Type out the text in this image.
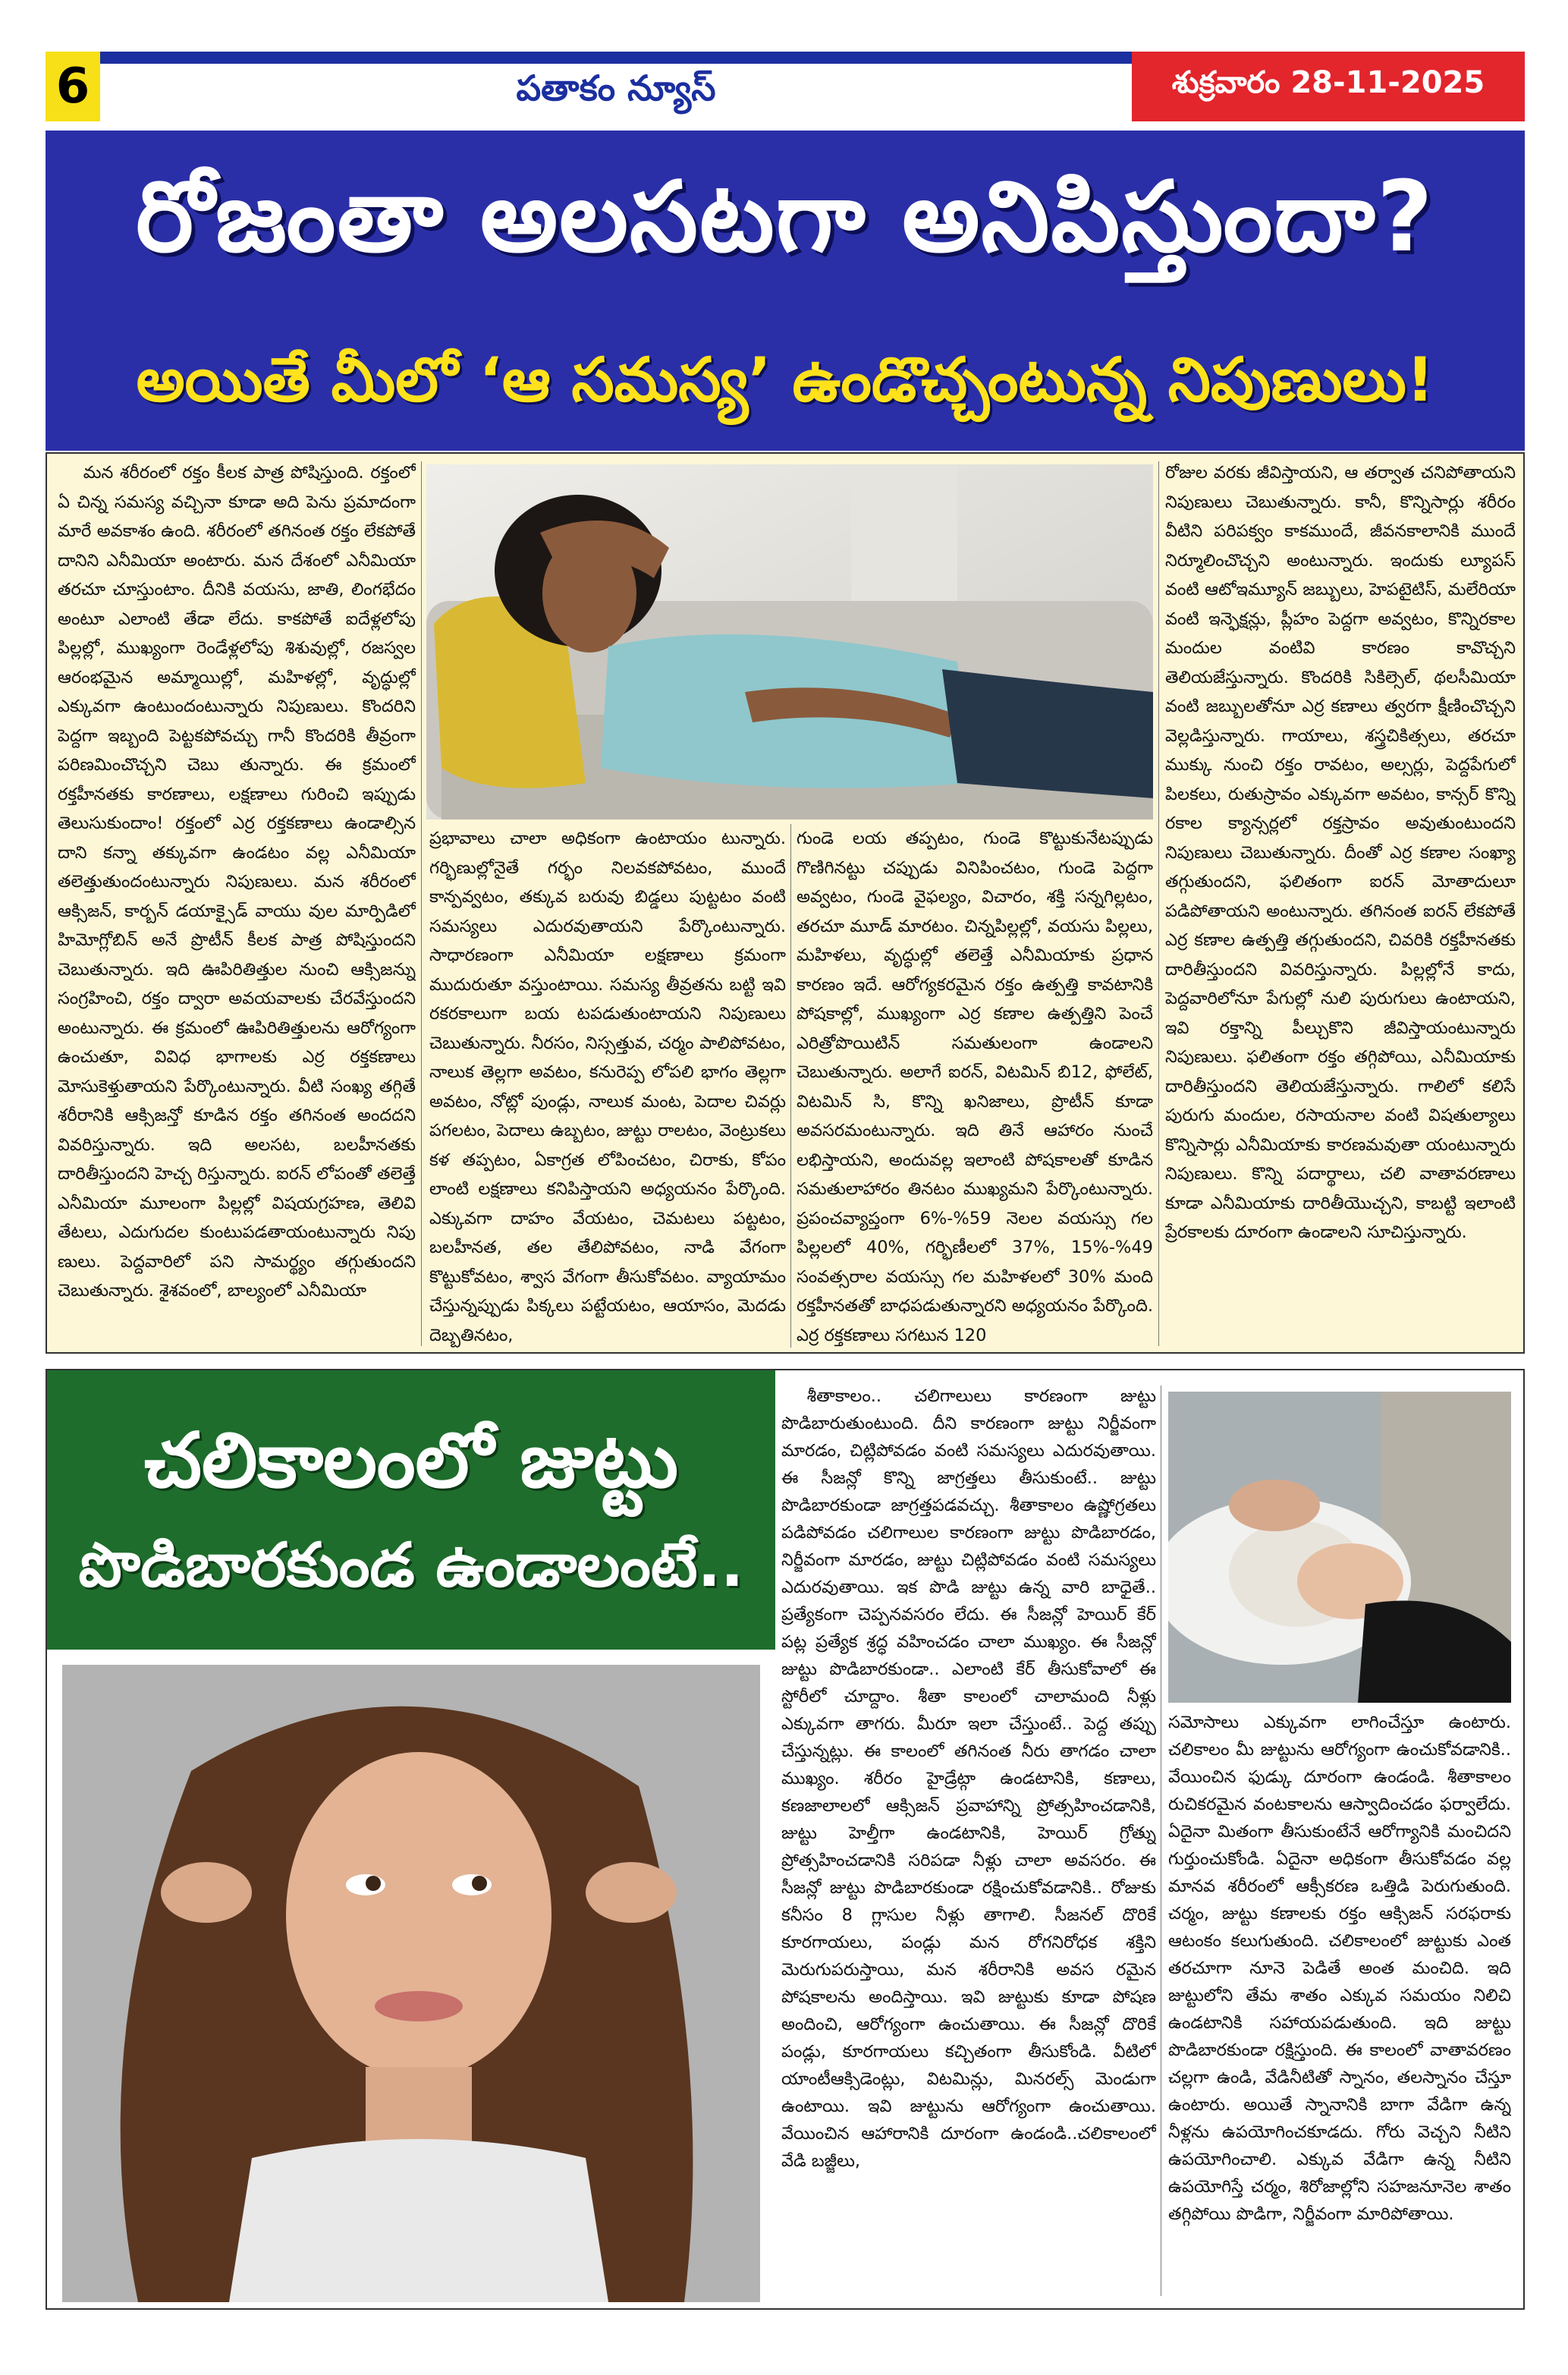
6	పతాకం న్యూస్	శుక్రవారం 28-11-2025
రోజంతా అలసటగా అనిపిస్తుందా?
అయితే మీలో ‘ఆ సమస్య’ ఉండొచ్చంటున్న నిపుణులు!

మన శరీరంలో రక్తం కీలక పాత్ర పోషిస్తుంది. రక్తంలో ఏ చిన్న సమస్య వచ్చినా కూడా అది పెను ప్రమాదంగా మారే అవకాశం ఉంది. శరీరంలో తగినంత రక్తం లేకపోతే దానిని ఎనీమియా అంటారు. మన దేశంలో ఎనీమియా తరచూ చూస్తుంటాం. దీనికి వయసు, జాతి, లింగభేదం అంటూ ఎలాంటి తేడా లేదు. కాకపోతే ఐదేళ్లలోపు పిల్లల్లో, ముఖ్యంగా రెండేళ్లలోపు శిశువుల్లో, రజస్వల ఆరంభమైన అమ్మాయిల్లో, మహిళల్లో, వృద్ధుల్లో ఎక్కువగా ఉంటుందంటున్నారు నిపుణులు. కొందరిని పెద్దగా ఇబ్బంది పెట్టకపోవచ్చు గానీ కొందరికి తీవ్రంగా పరిణమించొచ్చని చెబు తున్నారు. ఈ క్రమంలో రక్తహీనతకు కారణాలు, లక్షణాలు గురించి ఇప్పుడు తెలుసుకుందాం! రక్తంలో ఎర్ర రక్తకణాలు ఉండాల్సిన దాని కన్నా తక్కువగా ఉండటం వల్ల ఎనీమియా తలెత్తుతుందంటున్నారు నిపుణులు. మన శరీరంలో ఆక్సిజన్, కార్బన్ డయాక్సైడ్ వాయు వుల మార్పిడిలో హిమోగ్లోబిన్ అనే ప్రొటీన్ కీలక పాత్ర పోషిస్తుందని చెబుతున్నారు. ఇది ఊపిరితిత్తుల నుంచి ఆక్సిజన్ను సంగ్రహించి, రక్తం ద్వారా అవయవాలకు చేరవేస్తుందని అంటున్నారు. ఈ క్రమంలో ఊపిరితిత్తులను ఆరోగ్యంగా ఉంచుతూ, వివిధ భాగాలకు ఎర్ర రక్తకణాలు మోసుకెళ్తుతాయని పేర్కొంటున్నారు. వీటి సంఖ్య తగ్గితే శరీరానికి ఆక్సిజన్తో కూడిన రక్తం తగినంత అందదని వివరిస్తున్నారు. ఇది అలసట, బలహీనతకు దారితీస్తుందని హెచ్చ రిస్తున్నారు. ఐరన్ లోపంతో తలెత్తే ఎనీమియా మూలంగా పిల్లల్లో విషయగ్రహణ, తెలివి తేటలు, ఎదుగుదల కుంటుపడతాయంటున్నారు నిపు ణులు. పెద్దవారిలో పని సామర్థ్యం తగ్గుతుందని చెబుతున్నారు. శైశవంలో, బాల్యంలో ఎనీమియా

ప్రభావాలు చాలా అధికంగా ఉంటాయం టున్నారు. గర్భిణుల్లోనైతే గర్భం నిలవకపోవటం, ముందే కాన్పవ్వటం, తక్కువ బరువు బిడ్డలు పుట్టటం వంటి సమస్యలు ఎదురవుతాయని పేర్కొంటున్నారు. సాధారణంగా ఎనీమియా లక్షణాలు క్రమంగా ముదురుతూ వస్తుంటాయి. సమస్య తీవ్రతను బట్టి ఇవి రకరకాలుగా బయ టపడుతుంటాయని నిపుణులు చెబుతున్నారు. నీరసం, నిస్సత్తువ, చర్మం పాలిపోవటం, నాలుక తెల్లగా అవటం, కనురెప్ప లోపలి భాగం తెల్లగా అవటం, నోట్లో పుండ్లు, నాలుక మంట, పెదాల చివర్లు పగలటం, పెదాలు ఉబ్బటం, జుట్టు రాలటం, వెంట్రుకలు కళ తప్పటం, ఏకాగ్రత లోపించటం, చిరాకు, కోపం లాంటి లక్షణాలు కనిపిస్తాయని అధ్యయనం పేర్కొంది. ఎక్కువగా దాహం వేయటం, చెమటలు పట్టటం, బలహీనత, తల తేలిపోవటం, నాడి వేగంగా కొట్టుకోవటం, శ్వాస వేగంగా తీసుకోవటం. వ్యాయామం చేస్తున్నప్పుడు పిక్కలు పట్టేయటం, ఆయాసం, మెదడు దెబ్బతినటం,

గుండె లయ తప్పటం, గుండె కొట్టుకునేటప్పుడు గొణిగినట్టు చప్పుడు వినిపించటం, గుండె పెద్దగా అవ్వటం, గుండె వైఫల్యం, విచారం, శక్తి సన్నగిల్లటం, తరచూ మూడ్ మారటం. చిన్నపిల్లల్లో, వయసు పిల్లలు, మహిళలు, వృద్ధుల్లో తలెత్తే ఎనీమియాకు ప్రధాన కారణం ఇదే. ఆరోగ్యకరమైన రక్తం ఉత్పత్తి కావటానికి పోషకాల్లో, ముఖ్యంగా ఎర్ర కణాల ఉత్పత్తిని పెంచే ఎరిత్రోపొయిటిన్ సమతులంగా ఉండాలని చెబుతున్నారు. అలాగే ఐరన్, విటమిన్ బి12, ఫోలేట్, విటమిన్ సి, కొన్ని ఖనిజాలు, ప్రొటీన్ కూడా అవసరమంటున్నారు. ఇది తినే ఆహారం నుంచే లభిస్తాయని, అందువల్ల ఇలాంటి పోషకాలతో కూడిన సమతులాహారం తినటం ముఖ్యమని పేర్కొంటున్నారు. ప్రపంచవ్యాప్తంగా 6%-%59 నెలల వయస్సు గల పిల్లలలో 40%, గర్భిణీలలో 37%, 15%-%49 సంవత్సరాల వయస్సు గల మహిళలలో 30% మంది రక్తహీనతతో బాధపడుతున్నారని అధ్యయనం పేర్కొంది. ఎర్ర రక్తకణాలు సగటున 120

రోజుల వరకు జీవిస్తాయని, ఆ తర్వాత చనిపోతాయని నిపుణులు చెబుతున్నారు. కానీ, కొన్నిసార్లు శరీరం వీటిని పరిపక్వం కాకముందే, జీవనకాలానికి ముందే నిర్మూలించొచ్చని అంటున్నారు. ఇందుకు ల్యూపస్ వంటి ఆటోఇమ్యూన్ జబ్బులు, హెపటైటిస్, మలేరియా వంటి ఇన్ఫెక్షన్లు, ప్లీహం పెద్దగా అవ్వటం, కొన్నిరకాల మందుల వంటివి కారణం కావొచ్చని తెలియజేస్తున్నారు. కొందరికి సికిల్సెల్, థలసీమియా వంటి జబ్బులతోనూ ఎర్ర కణాలు త్వరగా క్షీణించొచ్చని వెల్లడిస్తున్నారు. గాయాలు, శస్త్రచికిత్సలు, తరచూ ముక్కు నుంచి రక్తం రావటం, అల్సర్లు, పెద్దపేగులో పిలకలు, రుతుస్రావం ఎక్కువగా అవటం, కాన్సర్ కొన్ని రకాల క్యాన్సర్లలో రక్తస్రావం అవుతుంటుందని నిపుణులు చెబుతున్నారు. దీంతో ఎర్ర కణాల సంఖ్యా తగ్గుతుందని, ఫలితంగా ఐరన్ మోతాదులూ పడిపోతాయని అంటున్నారు. తగినంత ఐరన్ లేకపోతే ఎర్ర కణాల ఉత్పత్తి తగ్గుతుందని, చివరికి రక్తహీనతకు దారితీస్తుందని వివరిస్తున్నారు. పిల్లల్లోనే కాదు, పెద్దవారిలోనూ పేగుల్లో నులి పురుగులు ఉంటాయని, ఇవి రక్తాన్ని పీల్చుకొని జీవిస్తాయంటున్నారు నిపుణులు. ఫలితంగా రక్తం తగ్గిపోయి, ఎనీమియాకు దారితీస్తుందని తెలియజేస్తున్నారు. గాలిలో కలిసే పురుగు మందుల, రసాయనాల వంటి విషతుల్యాలు కొన్నిసార్లు ఎనీమియాకు కారణమవుతా యంటున్నారు నిపుణులు. కొన్ని పదార్థాలు, చలి వాతావరణాలు కూడా ఎనీమియాకు దారితీయొచ్చని, కాబట్టి ఇలాంటి ప్రేరకాలకు దూరంగా ఉండాలని సూచిస్తున్నారు.

చలికాలంలో జుట్టు
పొడిబారకుండ ఉండాలంటే..

శీతాకాలం.. చలిగాలులు కారణంగా జుట్టు పొడిబారుతుంటుంది. దీని కారణంగా జుట్టు నిర్జీవంగా మారడం, చిట్లిపోవడం వంటి సమస్యలు ఎదురవుతాయి. ఈ సీజన్లో కొన్ని జాగ్రత్తలు తీసుకుంటే.. జుట్టు పొడిబారకుండా జాగ్రత్తపడవచ్చు. శీతాకాలం ఉష్ణోగ్రతలు పడిపోవడం చలిగాలుల కారణంగా జుట్టు పొడిబారడం, నిర్జీవంగా మారడం, జుట్టు చిట్లిపోవడం వంటి సమస్యలు ఎదురవుతాయి. ఇక పొడి జుట్టు ఉన్న వారి బాధైతే.. ప్రత్యేకంగా చెప్పనవసరం లేదు. ఈ సీజన్లో హెయిర్ కేర్ పట్ల ప్రత్యేక శ్రద్ధ వహించడం చాలా ముఖ్యం. ఈ సీజన్లో జుట్టు పొడిబారకుండా.. ఎలాంటి కేర్ తీసుకోవాలో ఈ స్టోరీలో చూద్దాం. శీతా కాలంలో చాలామంది నీళ్లు ఎక్కువగా తాగరు. మీరూ ఇలా చేస్తుంటే.. పెద్ద తప్పు చేస్తున్నట్లు. ఈ కాలంలో తగినంత నీరు తాగడం చాలా ముఖ్యం. శరీరం హైడ్రేట్గా ఉండటానికి, కణాలు, కణజాలాలలో ఆక్సిజన్ ప్రవాహాన్ని ప్రోత్సహించడానికి, జుట్టు హెల్తీగా ఉండటానికి, హెయిర్ గ్రోత్ను ప్రోత్సహించడానికి సరిపడా నీళ్లు చాలా అవసరం. ఈ సీజన్లో జుట్టు పొడిబారకుండా రక్షించుకోవడానికి.. రోజుకు కనీసం 8 గ్లాసుల నీళ్లు తాగాలి. సీజనల్ దొరికే కూరగాయలు, పండ్లు మన రోగనిరోధక శక్తిని మెరుగుపరుస్తాయి, మన శరీరానికి అవస రమైన పోషకాలను అందిస్తాయి. ఇవి జుట్టుకు కూడా పోషణ అందించి, ఆరోగ్యంగా ఉంచుతాయి. ఈ సీజన్లో దొరికే పండ్లు, కూరగాయలు కచ్చితంగా తీసుకోండి. వీటిలో యాంటీఆక్సిడెంట్లు, విటమిన్లు, మినరల్స్ మెండుగా ఉంటాయి. ఇవి జుట్టును ఆరోగ్యంగా ఉంచుతాయి. వేయించిన ఆహారానికి దూరంగా ఉండండి..చలికాలంలో వేడి బజ్జీలు,

సమోసాలు ఎక్కువగా లాగించేస్తూ ఉంటారు. చలికాలం మీ జుట్టును ఆరోగ్యంగా ఉంచుకోవడానికి.. వేయించిన ఫుడ్కు దూరంగా ఉండండి. శీతాకాలం రుచికరమైన వంటకాలను ఆస్వాదించడం ఫర్వాలేదు. ఏదైనా మితంగా తీసుకుంటేనే ఆరోగ్యానికి మంచిదని గుర్తుంచుకోండి. ఏదైనా అధికంగా తీసుకోవడం వల్ల మానవ శరీరంలో ఆక్సీకరణ ఒత్తిడి పెరుగుతుంది. చర్మం, జుట్టు కణాలకు రక్తం ఆక్సిజన్ సరఫరాకు ఆటంకం కలుగుతుంది. చలికాలంలో జుట్టుకు ఎంత తరచూగా నూనె పెడితే అంత మంచిది. ఇది జుట్టులోని తేమ శాతం ఎక్కువ సమయం నిలిచి ఉండటానికి సహాయపడుతుంది. ఇది జుట్టు పొడిబారకుండా రక్షిస్తుంది. ఈ కాలంలో వాతావరణం చల్లగా ఉండి, వేడినీటితో స్నానం, తలస్నానం చేస్తూ ఉంటారు. అయితే స్నానానికి బాగా వేడిగా ఉన్న నీళ్లను ఉపయోగించకూడదు. గోరు వెచ్చని నీటిని ఉపయోగించాలి. ఎక్కువ వేడిగా ఉన్న నీటిని ఉపయోగిస్తే చర్మం, శిరోజాల్లోని సహజనూనెల శాతం తగ్గిపోయి పొడిగా, నిర్జీవంగా మారిపోతాయి.
